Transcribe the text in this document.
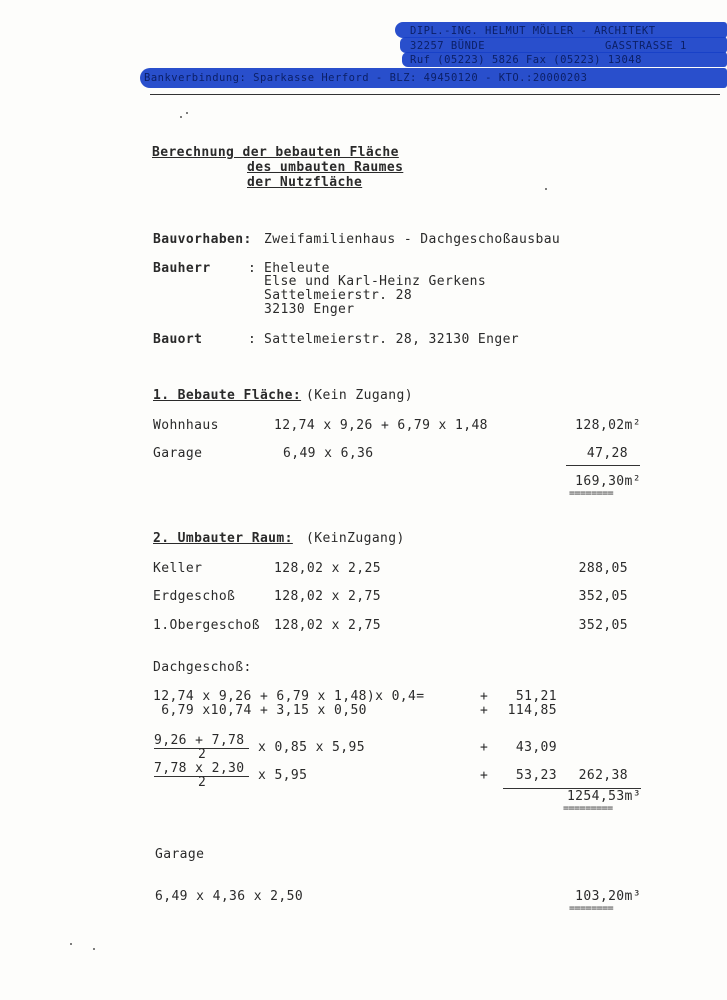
DIPL.-ING. HELMUT MÖLLER - ARCHITEKT
32257 BÜNDE	GASSTRASSE 1
Ruf (05223) 5826 Fax (05223) 13048
Bankverbindung: Sparkasse Herford - BLZ: 49450120 - KTO.:20000203
Berechnung der bebauten Fläche
des umbauten Raumes
der Nutzfläche
Bauvorhaben: Zweifamilienhaus - Dachgeschoßausbau
Bauherr	: Eheleute
Else und Karl-Heinz Gerkens
Sattelmeierstr. 28
32130 Enger
Bauort	: Sattelmeierstr. 28, 32130 Enger
1. Bebaute Fläche: (Kein Zugang)
Wohnhaus	12,74 x 9,26 + 6,79 x 1,48	128,02m²
Garage	6,49 x 6,36	47,28
169,30m²
========
2. Umbauter Raum: (KeinZugang)
Keller	128,02 x 2,25	288,05
Erdgeschoß	128,02 x 2,75	352,05
1.Obergeschoß 128,02 x 2,75	352,05
Dachgeschoß:
12,74 x 9,26 + 6,79 x 1,48)x 0,4=	+ 51,21
6,79 x10,74 + 3,15 x 0,50	+ 114,85
9,26 + 7,78
2	x 0,85 x 5,95	+ 43,09
7,78 x 2,30
2	x 5,95	+ 53,23 262,38
1254,53m³
=========
Garage
6,49 x 4,36 x 2,50	103,20m³
========
